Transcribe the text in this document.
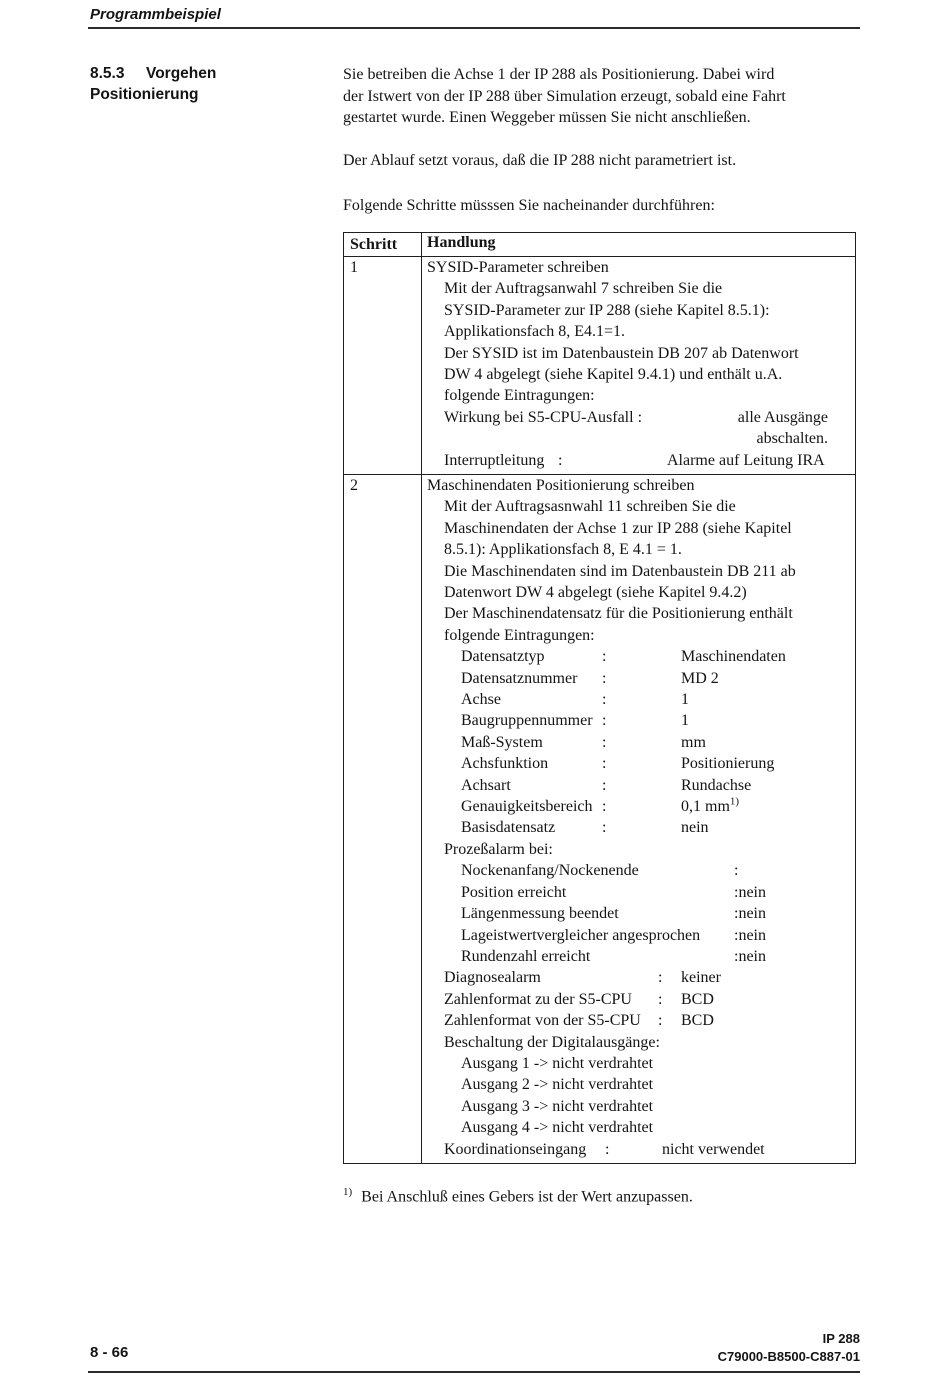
Programmbeispiel
8.5.3 Vorgehen
Positionierung
Sie betreiben die Achse 1 der IP 288 als Positionierung. Dabei wird
der Istwert von der IP 288 über Simulation erzeugt, sobald eine Fahrt
gestartet wurde. Einen Weggeber müssen Sie nicht anschließen.
Der Ablauf setzt voraus, daß die IP 288 nicht parametriert ist.
Folgende Schritte müsssen Sie nacheinander durchführen:
Schritt	Handlung
1	SYSID-Parameter schreiben
Mit der Auftragsanwahl 7 schreiben Sie die
SYSID-Parameter zur IP 288 (siehe Kapitel 8.5.1):
Applikationsfach 8, E4.1=1.
Der SYSID ist im Datenbaustein DB 207 ab Datenwort
DW 4 abgelegt (siehe Kapitel 9.4.1) und enthält u.A.
folgende Eintragungen:
Wirkung bei S5-CPU-Ausfall :	alle Ausgänge
abschalten.
Interruptleitung :	Alarme auf Leitung IRA
2	Maschinendaten Positionierung schreiben
Mit der Auftragsasnwahl 11 schreiben Sie die
Maschinendaten der Achse 1 zur IP 288 (siehe Kapitel
8.5.1): Applikationsfach 8, E 4.1 = 1.
Die Maschinendaten sind im Datenbaustein DB 211 ab
Datenwort DW 4 abgelegt (siehe Kapitel 9.4.2)
Der Maschinendatensatz für die Positionierung enthält
folgende Eintragungen:
Datensatztyp	:	Maschinendaten
Datensatznummer	:	MD 2
Achse	:	1
Baugruppennummer :	1
Maß-System	:	mm
Achsfunktion	:	Positionierung
Achsart	:	Rundachse
Genauigkeitsbereich :	0,1 $mm^{1)}$
Basisdatensatz	:	nein
Prozeßalarm bei:
Nockenanfang/Nockenende	:
Position erreicht	:nein
Längenmessung beendet	:nein
Lageistwertvergleicher angesprochen	:nein
Rundenzahl erreicht	:nein
Diagnosealarm	:	keiner
Zahlenformat zu der S5-CPU	:	BCD
Zahlenformat von der S5-CPU	:	BCD
Beschaltung der Digitalausgänge:
Ausgang 1 -> nicht verdrahtet
Ausgang 2 -> nicht verdrahtet
Ausgang 3 -> nicht verdrahtet
Ausgang 4 -> nicht verdrahtet
Koordinationseingang	:	nicht verwendet
$^{1)}$ Bei Anschluß eines Gebers ist der Wert anzupassen.
8 - 66
IP 288
C79000-B8500-C887-01
